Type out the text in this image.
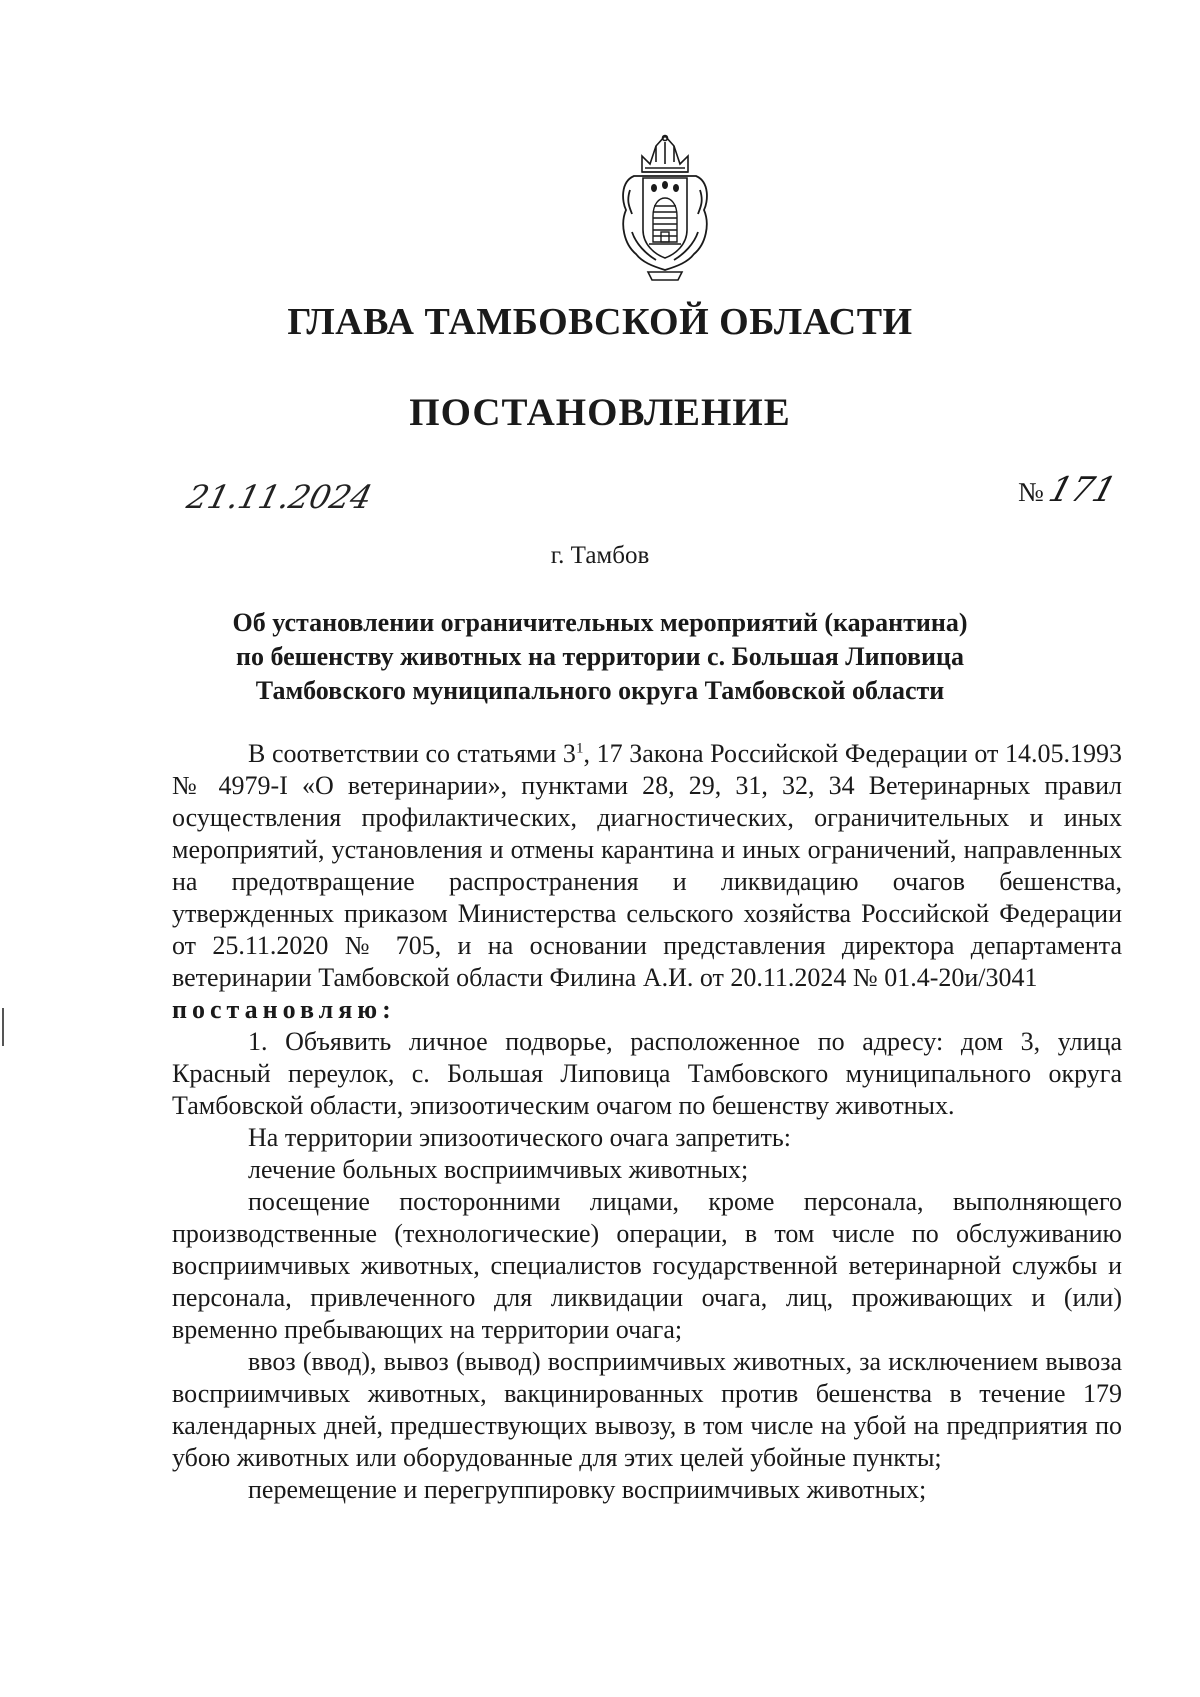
ГЛАВА ТАМБОВСКОЙ ОБЛАСТИ
ПОСТАНОВЛЕНИЕ
21.11.2024	№171
г. Тамбов
Об установлении ограничительных мероприятий (карантина)
по бешенству животных на территории с. Большая Липовица
Тамбовского муниципального округа Тамбовской области

В соответствии со статьями $3^1$, 17 Закона Российской Федерации от 14.05.1993 № 4979-I «О ветеринарии», пунктами 28, 29, 31, 32, 34 Ветеринарных правил осуществления профилактических, диагностических, ограничительных и иных мероприятий, установления и отмены карантина и иных ограничений, направленных на предотвращение распространения и ликвидацию очагов бешенства, утвержденных приказом Министерства сельского хозяйства Российской Федерации от 25.11.2020 № 705, и на основании представления директора департамента ветеринарии Тамбовской области Филина А.И. от 20.11.2024 № 01.4-20и/3041

постановляю:

1. Объявить личное подворье, расположенное по адресу: дом 3, улица Красный переулок, с. Большая Липовица Тамбовского муниципального округа Тамбовской области, эпизоотическим очагом по бешенству животных.

На территории эпизоотического очага запретить:

лечение больных восприимчивых животных;

посещение посторонними лицами, кроме персонала, выполняющего производственные (технологические) операции, в том числе по обслуживанию восприимчивых животных, специалистов государственной ветеринарной службы и персонала, привлеченного для ликвидации очага, лиц, проживающих и (или) временно пребывающих на территории очага;

ввоз (ввод), вывоз (вывод) восприимчивых животных, за исключением вывоза восприимчивых животных, вакцинированных против бешенства в течение 179 календарных дней, предшествующих вывозу, в том числе на убой на предприятия по убою животных или оборудованные для этих целей убойные пункты;

перемещение и перегруппировку восприимчивых животных;
